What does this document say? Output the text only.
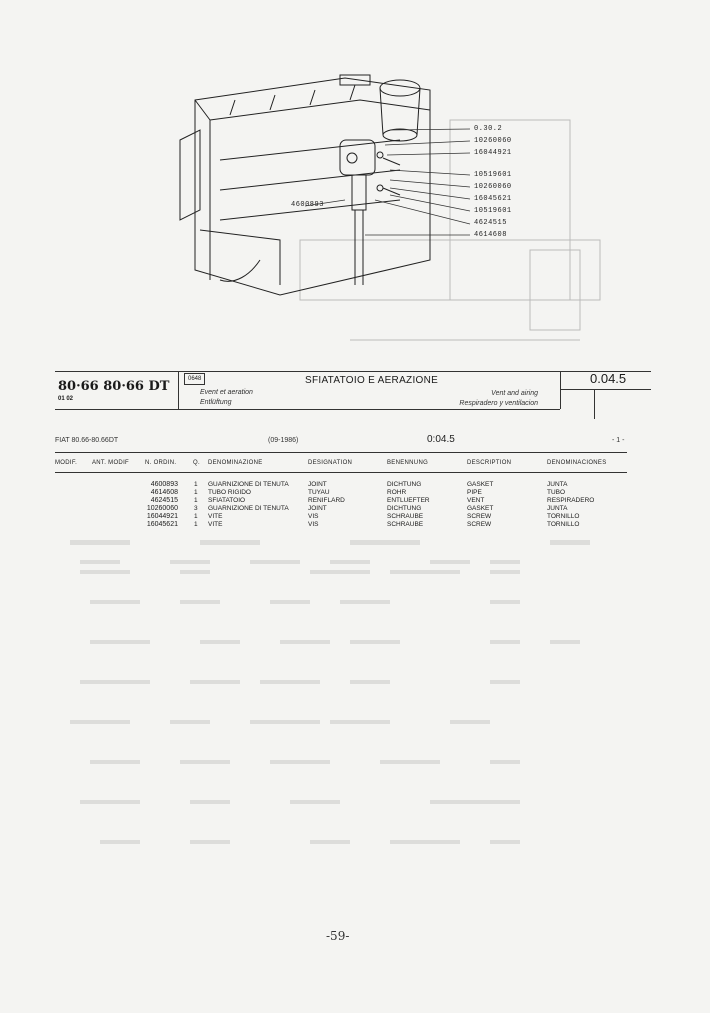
0.30.2
10260060
16044921
10519601
10260060
16045621
10519601
4624515
4614608
4600893
80·66 80·66 DT
01 02
0648	SFIATATOIO E AERAZIONE
Event et aeration
Entlüftung
Vent and airing
Respiradero y ventilacion
0.04.5
FIAT 80.66-80.66DT	(09-1986)	0:04.5	- 1 -
MODIF. ANT. MODIF	N. ORDIN.	Q. DENOMINAZIONE	DESIGNATION	BENENNUNG	DESCRIPTION	DENOMINACIONES
4600893 1 GUARNIZIONE DI TENUTA	JOINT	DICHTUNG	GASKET	JUNTA
4614608 1 TUBO RIGIDO	TUYAU	ROHR	PIPE	TUBO
4624515 1 SFIATATOIO	RENIFLARD	ENTLUEFTER	VENT	RESPIRADERO
10260060 3 GUARNIZIONE DI TENUTA	JOINT	DICHTUNG	GASKET	JUNTA
16044921 1 VITE	VIS	SCHRAUBE	SCREW	TORNILLO
16045621 1 VITE	VIS	SCHRAUBE	SCREW	TORNILLO
-59-
